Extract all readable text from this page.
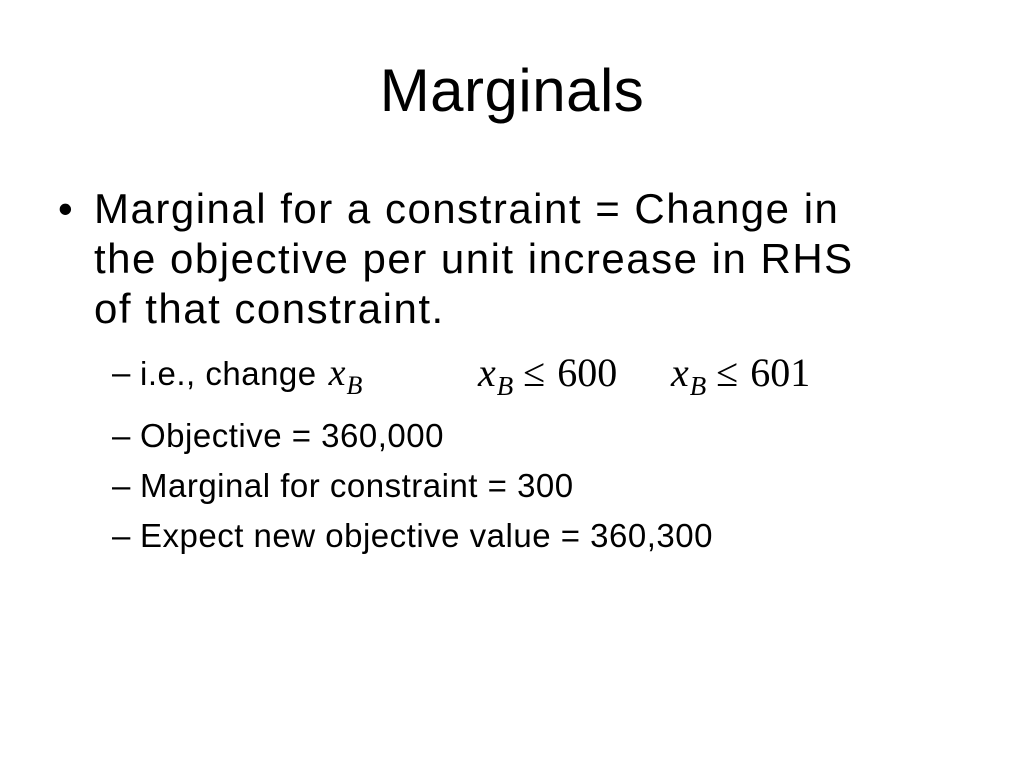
Marginals
• Marginal for a constraint = Change in
the objective per unit increase in RHS
of that constraint.
– i.e., change $x_B$
– Objective = 360,000
– Marginal for constraint = 300
– Expect new objective value = 360,300
$x_B \le 600$ $x_B \le 601$
